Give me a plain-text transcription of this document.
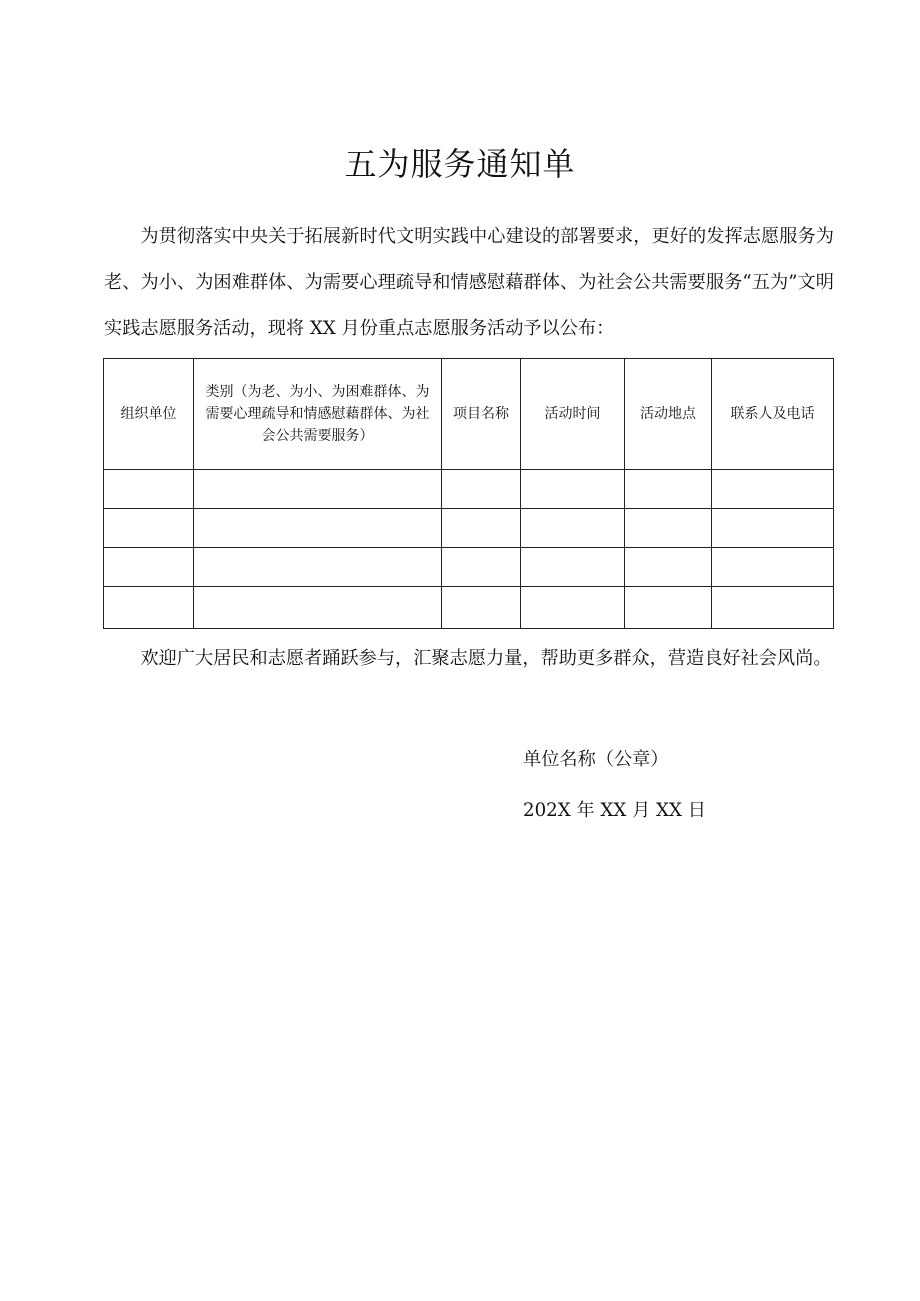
五为服务通知单

为贯彻落实中央关于拓展新时代文明实践中心建设的部署要求，更好的发挥志愿服务为老、为小、为困难群体、为需要心理疏导和情感慰藉群体、为社会公共需要服务“五为”文明实践志愿服务活动，现将 XX 月份重点志愿服务活动予以公布：

组织单位	类别（为老、为小、为困难群体、为需要心理疏导和情感慰藉群体、为社会公共需要服务）	项目名称	活动时间	活动地点	联系人及电话

欢迎广大居民和志愿者踊跃参与，汇聚志愿力量，帮助更多群众，营造良好社会风尚。

单位名称（公章）
202X 年 XX 月 XX 日
